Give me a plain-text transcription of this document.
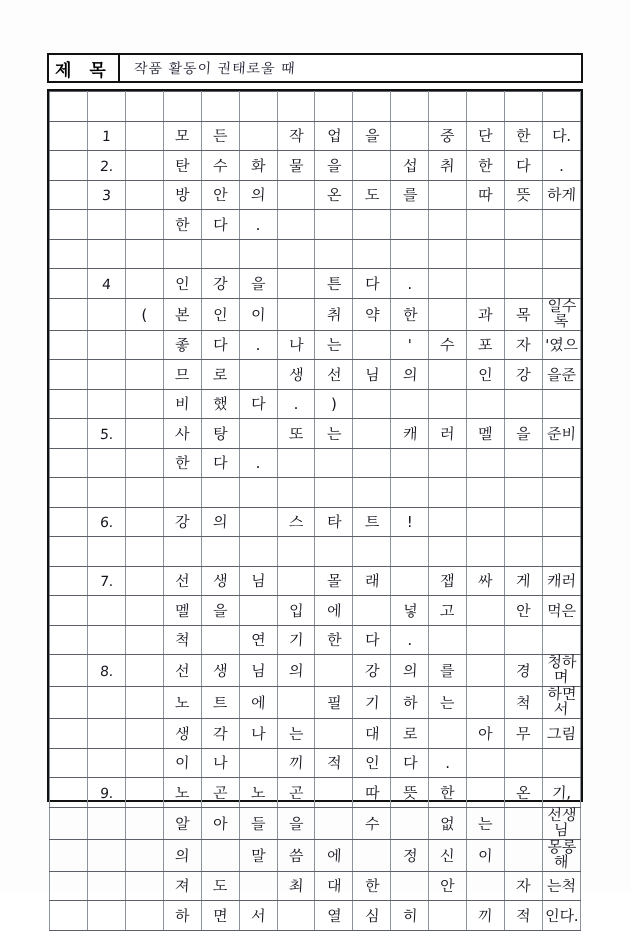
제 목	작품 활동이 권태로울 때

	1		모	든		작	업	을		중	단	한	다.
	2.		탄	수	화	물	을		섭	취	한	다	.
	3		방	안	의		온	도	를		따	뜻	하게
			한	다	.								

	4		인	강	을		튼	다	.				
		(	본	인	이		취	약	한		과	목	일수록
			좋	다	.	나	는		'	수	포	자	'였으
			므	로		생	선	님	의		인	강	을준
			비	했	다	.	)						
	5.		사	탕		또	는		캐	러	멜	을	준비
			한	다	.								

	6.		강	의		스	타	트	!				

	7.		선	생	님		몰	래		잽	싸	게	캐러
			멜	을		입	에		넣	고		안	먹은
			척		연	기	한	다	.				
	8.		선	생	님	의		강	의	를		경	청하며
			노	트	에		필	기	하	는		척	하면서
			생	각	나	는		대	로		아	무	그림
			이	나		끼	적	인	다	.			
	9.		노	곤	노	곤		따	뜻	한		온	기,
			알	아	들	을		수		없	는		선생님
			의		말	씀	에		정	신	이		몽롱해
			져	도		최	대	한		안		자	는척
			하	면	서		열	심	히		끼	적	인다.
